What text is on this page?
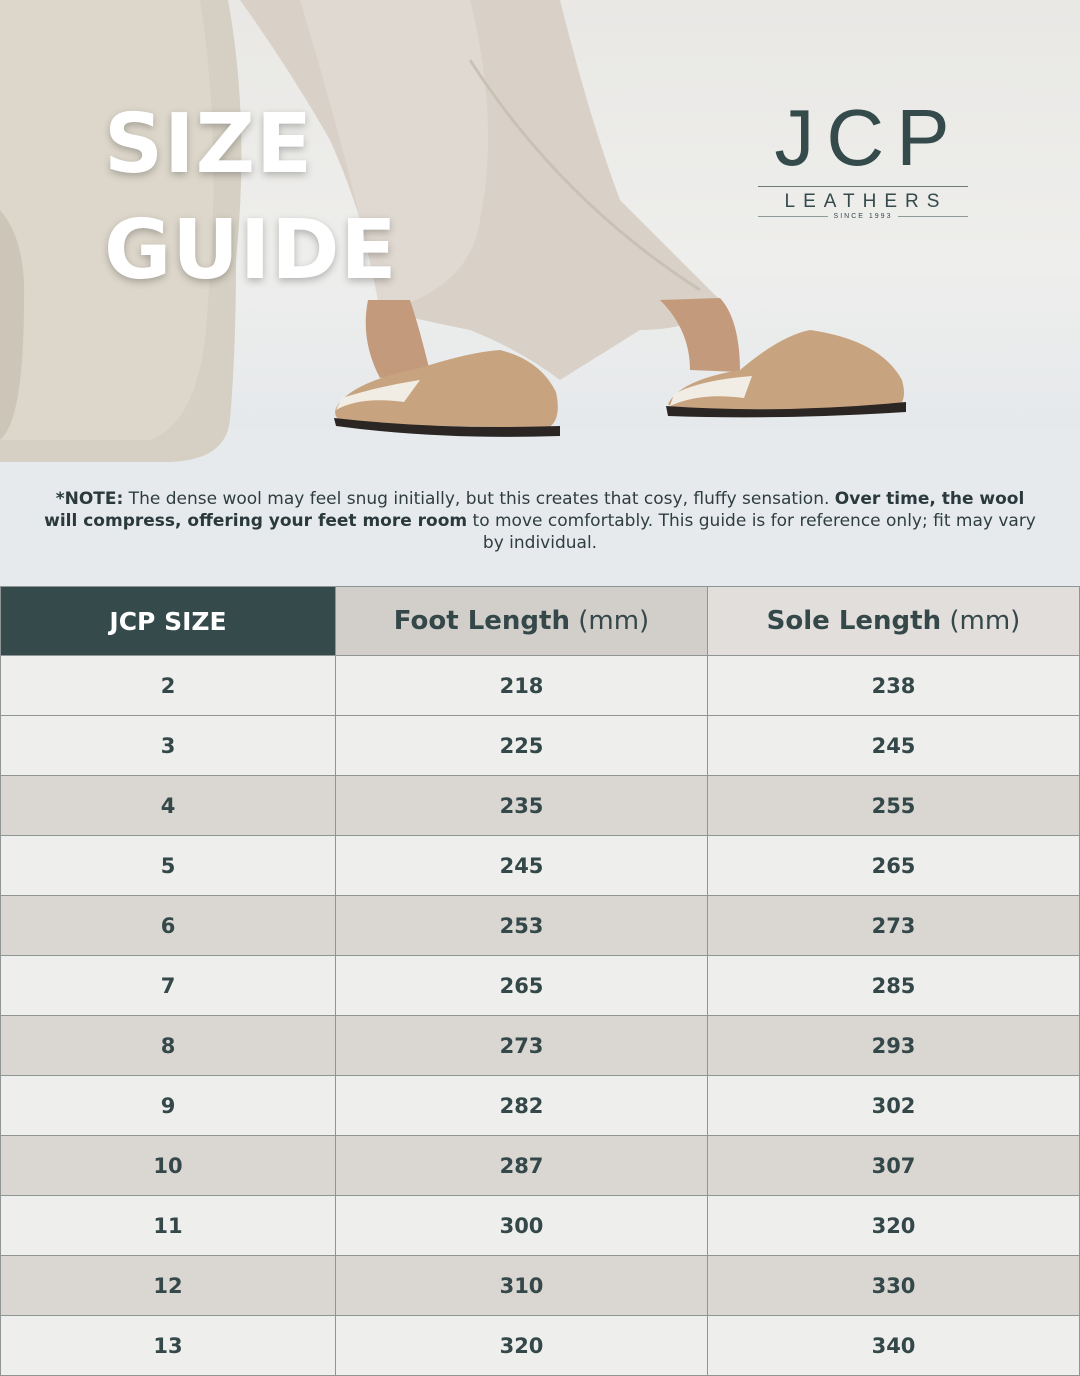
SIZE
GUIDE
JCP
LEATHERS
SINCE 1993

*NOTE: The dense wool may feel snug initially, but this creates that cosy, fluffy sensation. Over time, the wool will compress, offering your feet more room to move comfortably. This guide is for reference only; fit may vary by individual.

JCP SIZE	Foot Length (mm)	Sole Length (mm)
2	218	238
3	225	245
4	235	255
5	245	265
6	253	273
7	265	285
8	273	293
9	282	302
10	287	307
11	300	320
12	310	330
13	320	340
